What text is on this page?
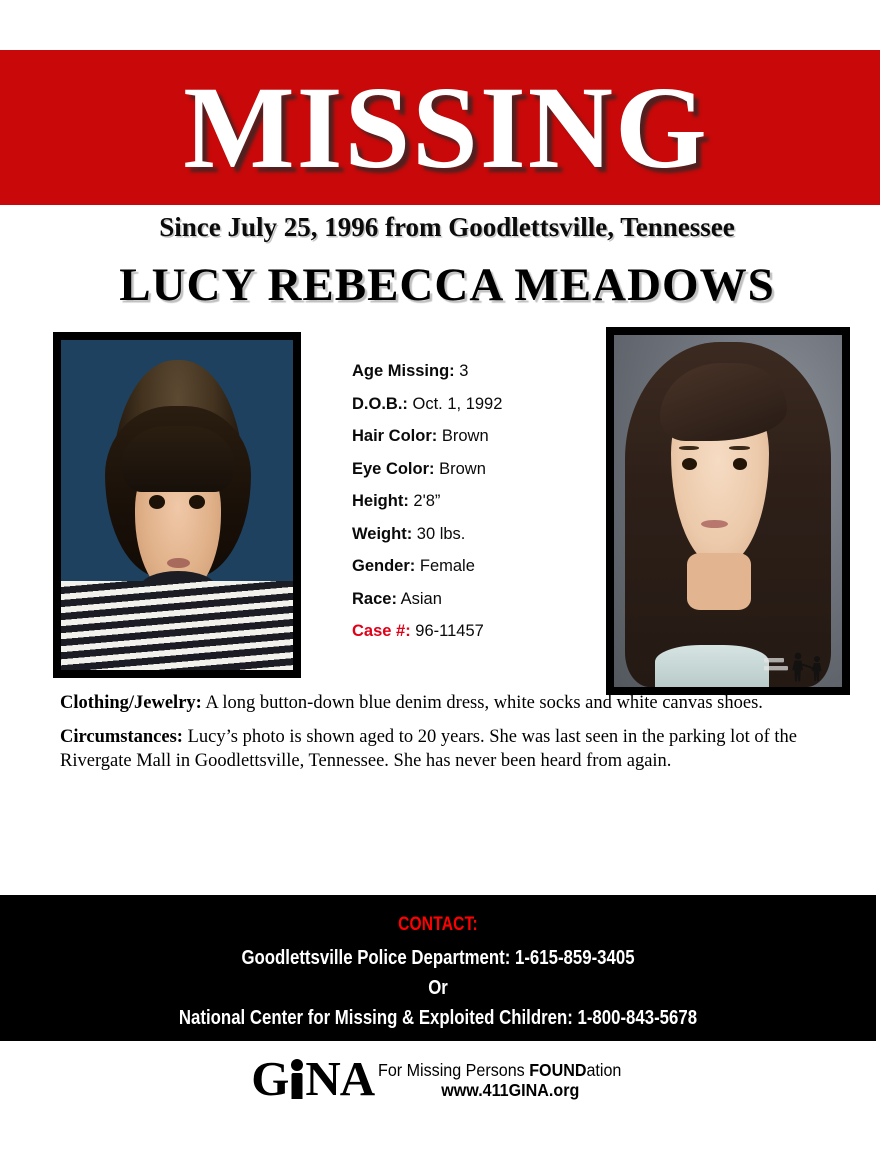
MISSING
Since July 25, 1996 from Goodlettsville, Tennessee
LUCY REBECCA MEADOWS
Age Missing: 3
D.O.B.: Oct. 1, 1992
Hair Color: Brown
Eye Color: Brown
Height: 2'8”
Weight: 30 lbs.
Gender: Female
Race: Asian
Case #: 96-11457
Clothing/Jewelry: A long button-down blue denim dress, white socks and white canvas shoes.
Circumstances: Lucy’s photo is shown aged to 20 years. She was last seen in the parking lot of the Rivergate Mall in Goodlettsville, Tennessee. She has never been heard from again.
CONTACT:
Goodlettsville Police Department: 1-615-859-3405
Or
National Center for Missing & Exploited Children: 1-800-843-5678
G NA For Missing Persons FOUNDation
www.411GINA.org
